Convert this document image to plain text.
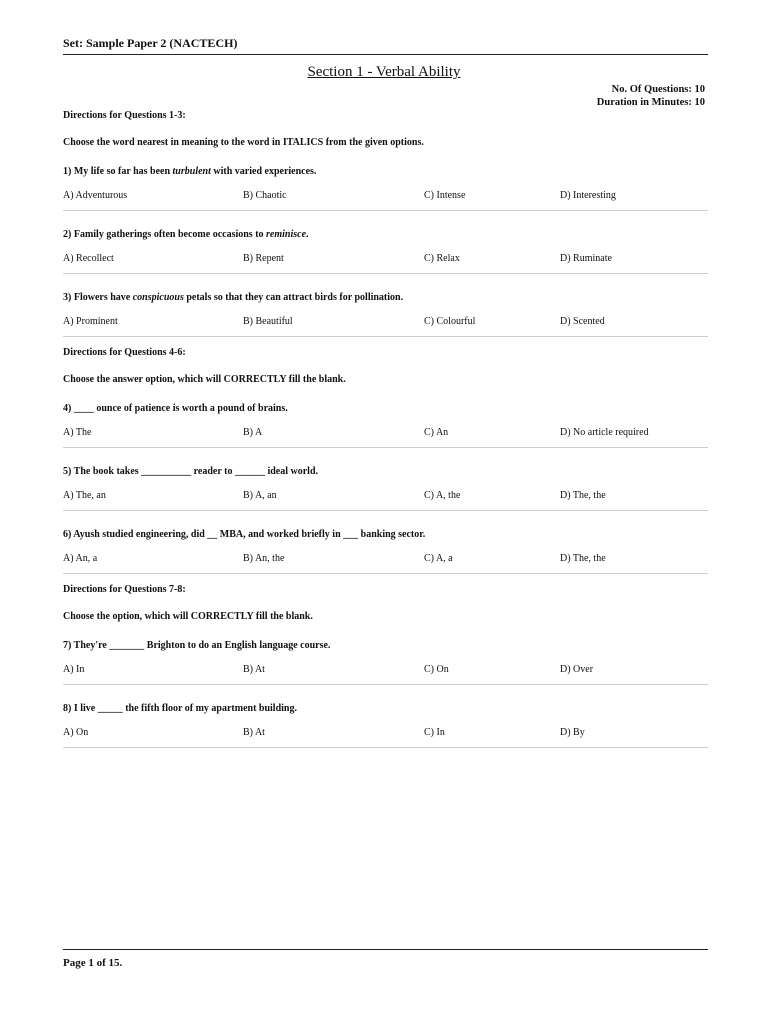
Set: Sample Paper 2 (NACTECH)
Section 1 - Verbal Ability
No. Of Questions: 10
Duration in Minutes: 10
Directions for Questions 1-3:
Choose the word nearest in meaning to the word in ITALICS from the given options.
1) My life so far has been turbulent with varied experiences.
A) Adventurous	B) Chaotic	C) Intense	D) Interesting
2) Family gatherings often become occasions to reminisce.
A) Recollect	B) Repent	C) Relax	D) Ruminate
3) Flowers have conspicuous petals so that they can attract birds for pollination.
A) Prominent	B) Beautiful	C) Colourful	D) Scented
Directions for Questions 4-6:
Choose the answer option, which will CORRECTLY fill the blank.
4) ____ ounce of patience is worth a pound of brains.
A) The	B) A	C) An	D) No article required
5) The book takes __________ reader to ______ ideal world.
A) The, an	B) A, an	C) A, the	D) The, the
6) Ayush studied engineering, did __ MBA, and worked briefly in ___ banking sector.
A) An, a	B) An, the	C) A, a	D) The, the
Directions for Questions 7-8:
Choose the option, which will CORRECTLY fill the blank.
7) They're _______ Brighton to do an English language course.
A) In	B) At	C) On	D) Over
8) I live _____ the fifth floor of my apartment building.
A) On	B) At	C) In	D) By
Page 1 of 15.
